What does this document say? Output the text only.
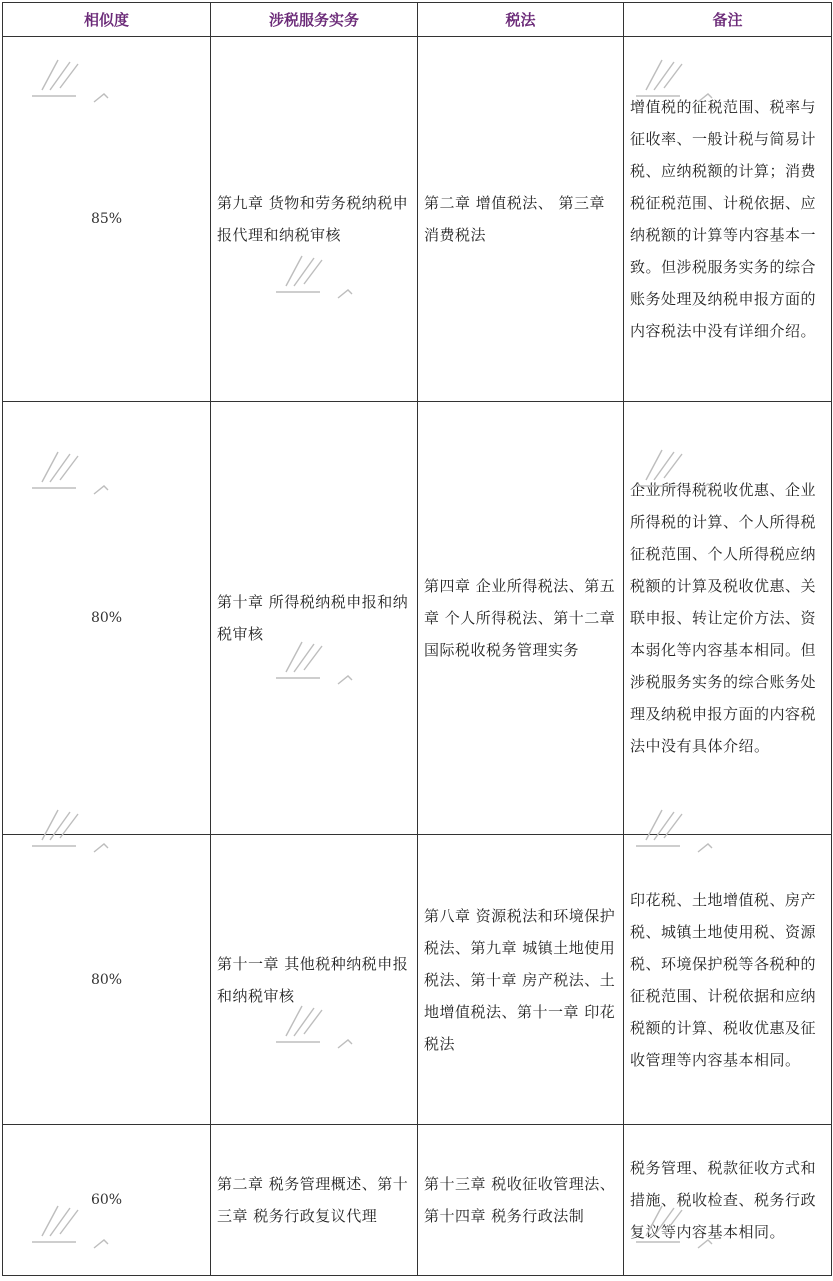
相似度	涉税服务实务	税法	备注
85%	第九章 货物和劳务税纳税申报代理和纳税审核	第二章 增值税法、 第三章 消费税法	增值税的征税范围、税率与征收率、一般计税与简易计税、应纳税额的计算；消费税征税范围、计税依据、应纳税额的计算等内容基本一致。但涉税服务实务的综合账务处理及纳税申报方面的内容税法中没有详细介绍。
80%	第十章 所得税纳税申报和纳税审核	第四章 企业所得税法、第五章 个人所得税法、第十二章 国际税收税务管理实务	企业所得税税收优惠、企业所得税的计算、个人所得税征税范围、个人所得税应纳税额的计算及税收优惠、关联申报、转让定价方法、资本弱化等内容基本相同。但涉税服务实务的综合账务处理及纳税申报方面的内容税法中没有具体介绍。
80%	第十一章 其他税种纳税申报和纳税审核	第八章 资源税法和环境保护税法、第九章 城镇土地使用税法、第十章 房产税法、土地增值税法、第十一章 印花税法	印花税、土地增值税、房产税、城镇土地使用税、资源税、环境保护税等各税种的征税范围、计税依据和应纳税额的计算、税收优惠及征收管理等内容基本相同。
60%	第二章 税务管理概述、第十三章 税务行政复议代理	第十三章 税收征收管理法、第十四章 税务行政法制	税务管理、税款征收方式和措施、税收检查、税务行政复议等内容基本相同。
